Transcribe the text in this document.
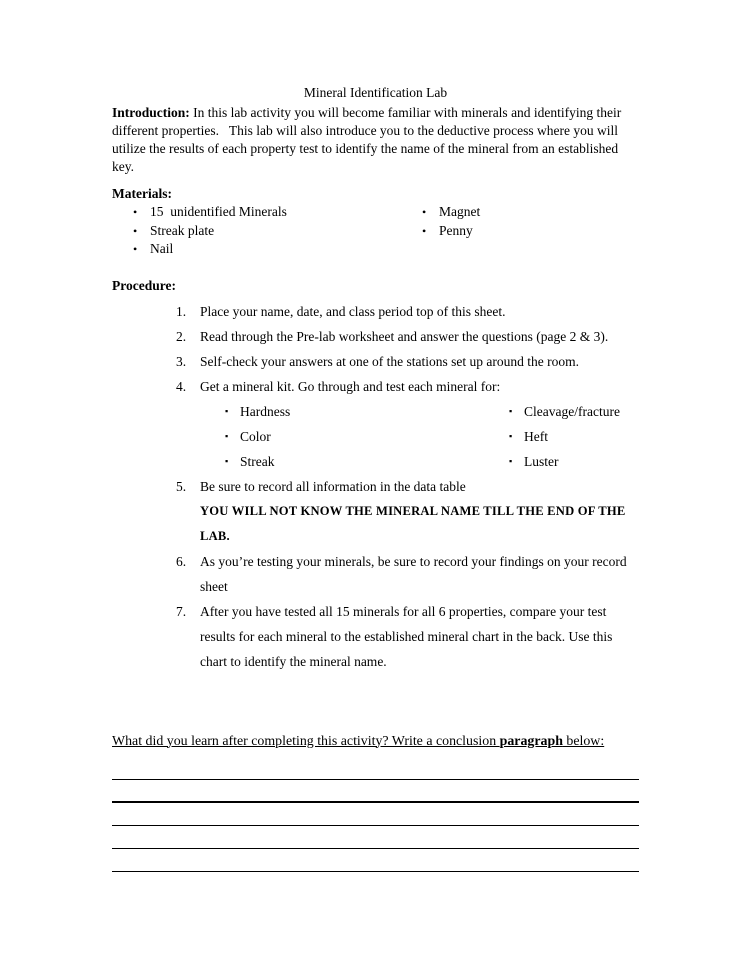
Mineral Identification Lab

Introduction: In this lab activity you will become familiar with minerals and identifying their different properties.   This lab will also introduce you to the deductive process where you will utilize the results of each property test to identify the name of the mineral from an established key.

Materials:
• 15  unidentified Minerals
• Streak plate
• Nail
• Magnet
• Penny
Procedure:
1.	Place your name, date, and class period top of this sheet.
2.	Read through the Pre-lab worksheet and answer the questions (page 2 & 3).
3.	Self-check your answers at one of the stations set up around the room.
4.	Get a mineral kit. Go through and test each mineral for:
▪ Hardness
▪ Color
▪ Streak
▪ Cleavage/fracture
▪ Heft
▪ Luster
5.	Be sure to record all information in the data table
YOU WILL NOT KNOW THE MINERAL NAME TILL THE END OF THE LAB.
6.	As you’re testing your minerals, be sure to record your findings on your record sheet
7.	After you have tested all 15 minerals for all 6 properties, compare your test results for each mineral to the established mineral chart in the back. Use this chart to identify the mineral name.
What did you learn after completing this activity? Write a conclusion paragraph below:
